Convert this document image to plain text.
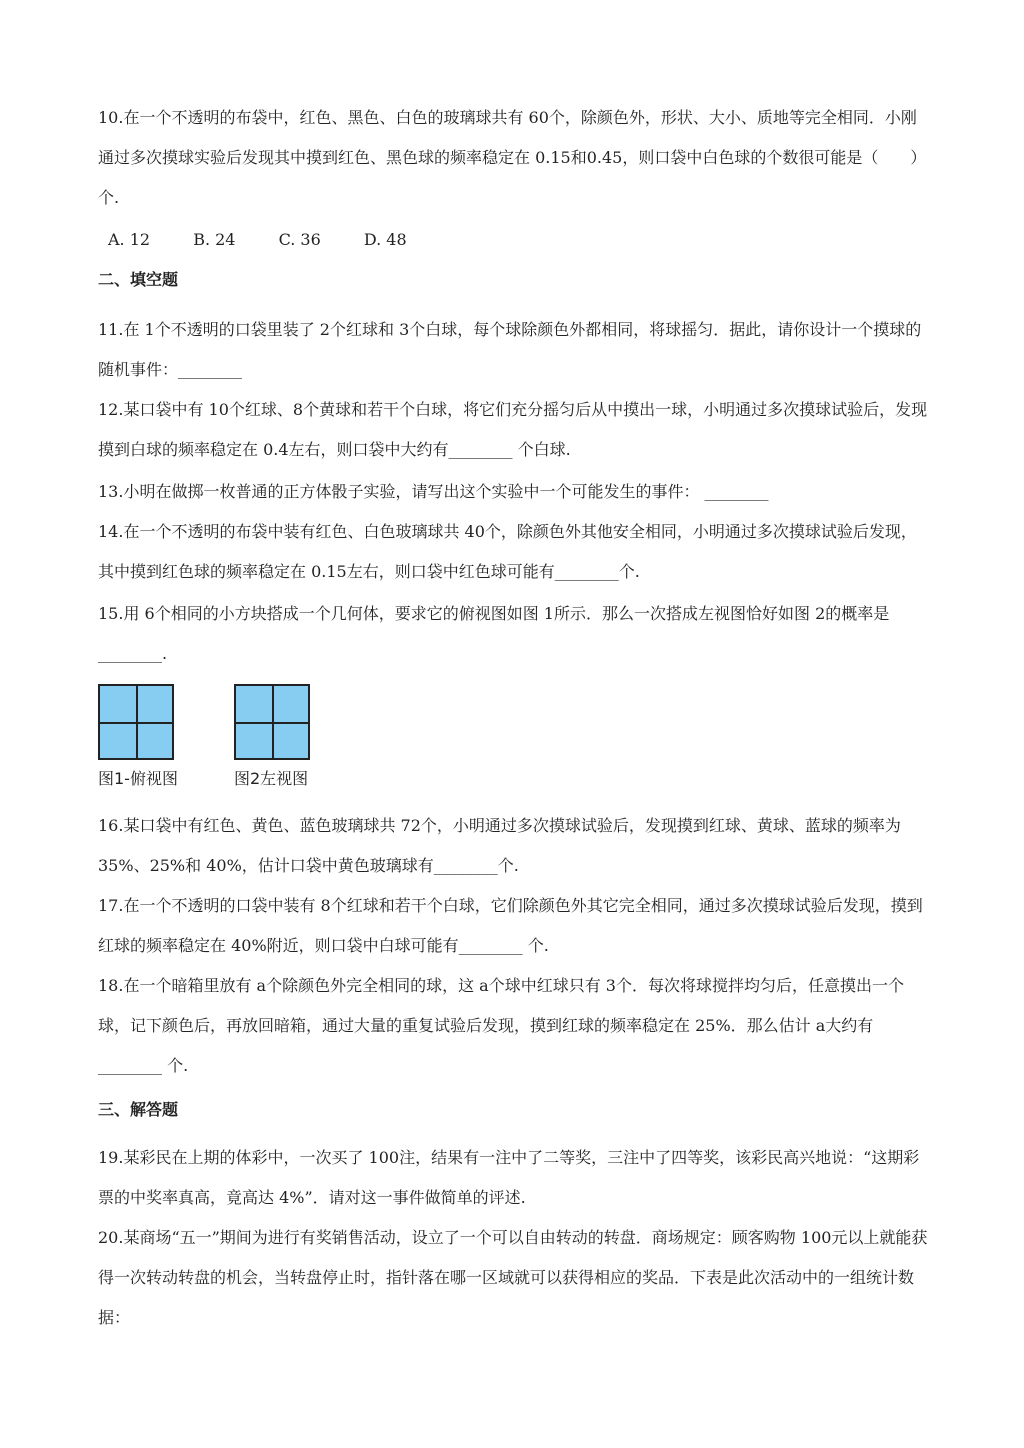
10.在一个不透明的布袋中，红色、黑色、白色的玻璃球共有 60个，除颜色外，形状、大小、质地等完全相同．小刚通过多次摸球实验后发现其中摸到红色、黑色球的频率稳定在 0.15和0.45，则口袋中白色球的个数很可能是（　　）个.

A. 12	B. 24	C. 36	D. 48
二、填空题

11.在 1个不透明的口袋里装了 2个红球和 3个白球，每个球除颜色外都相同，将球摇匀．据此，请你设计一个摸球的随机事件：________

12.某口袋中有 10个红球、8个黄球和若干个白球，将它们充分摇匀后从中摸出一球，小明通过多次摸球试验后，发现摸到白球的频率稳定在 0.4左右，则口袋中大约有________ 个白球.

13.小明在做掷一枚普通的正方体骰子实验，请写出这个实验中一个可能发生的事件： ________

14.在一个不透明的布袋中装有红色、白色玻璃球共 40个，除颜色外其他安全相同，小明通过多次摸球试验后发现，其中摸到红色球的频率稳定在 0.15左右，则口袋中红色球可能有________个.

15.用 6个相同的小方块搭成一个几何体，要求它的俯视图如图 1所示．那么一次搭成左视图恰好如图 2的概率是________.

图1-俯视图	图2左视图

16.某口袋中有红色、黄色、蓝色玻璃球共 72个，小明通过多次摸球试验后，发现摸到红球、黄球、蓝球的频率为 35%、25%和 40%，估计口袋中黄色玻璃球有________个.

17.在一个不透明的口袋中装有 8个红球和若干个白球，它们除颜色外其它完全相同，通过多次摸球试验后发现，摸到红球的频率稳定在 40%附近，则口袋中白球可能有________ 个.

18.在一个暗箱里放有 a个除颜色外完全相同的球，这 a个球中红球只有 3个．每次将球搅拌均匀后，任意摸出一个球，记下颜色后，再放回暗箱，通过大量的重复试验后发现，摸到红球的频率稳定在 25%．那么估计 a大约有________ 个.

三、解答题

19.某彩民在上期的体彩中，一次买了 100注，结果有一注中了二等奖，三注中了四等奖，该彩民高兴地说：“这期彩票的中奖率真高，竟高达 4%”．请对这一事件做简单的评述.

20.某商场“五一”期间为进行有奖销售活动，设立了一个可以自由转动的转盘．商场规定：顾客购物 100元以上就能获得一次转动转盘的机会，当转盘停止时，指针落在哪一区域就可以获得相应的奖品．下表是此次活动中的一组统计数据：
